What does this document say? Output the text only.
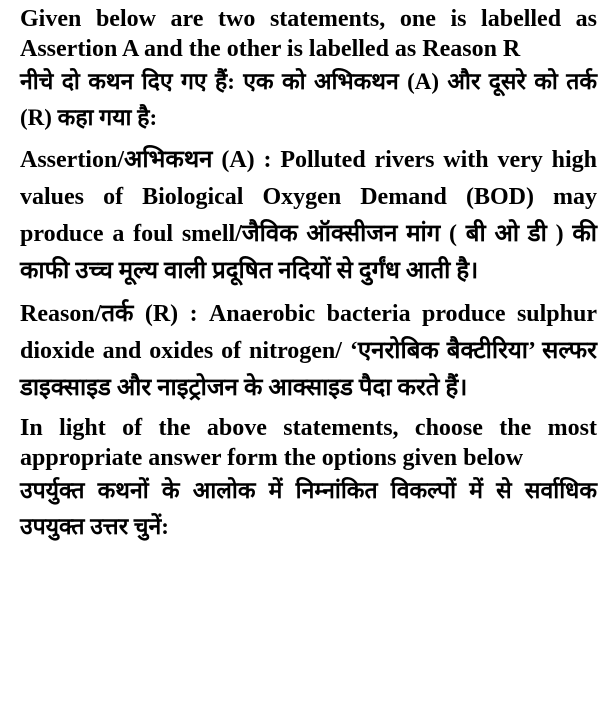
Given below are two statements, one is labelled as Assertion A and the other is labelled as Reason R

नीचे दो कथन दिए गए हैं: एक को अभिकथन (A) और दूसरे को तर्क (R) कहा गया है:

Assertion/अभिकथन (A) : Polluted rivers with very high values of Biological Oxygen Demand (BOD) may produce a foul smell/जैविक ऑक्सीजन मांग ( बी ओ डी ) की काफी उच्च मूल्य वाली प्रदूषित नदियों से दुर्गंध आती है।

Reason/तर्क (R) : Anaerobic bacteria produce sulphur dioxide and oxides of nitrogen/ ‘एनरोबिक बैक्टीरिया’ सल्फर डाइक्साइड और नाइट्रोजन के आक्साइड पैदा करते हैं।

In light of the above statements, choose the most appropriate answer form the options given below

उपर्युक्त कथनों के आलोक में निम्नांकित विकल्पों में से सर्वाधिक उपयुक्त उत्तर चुनें:
